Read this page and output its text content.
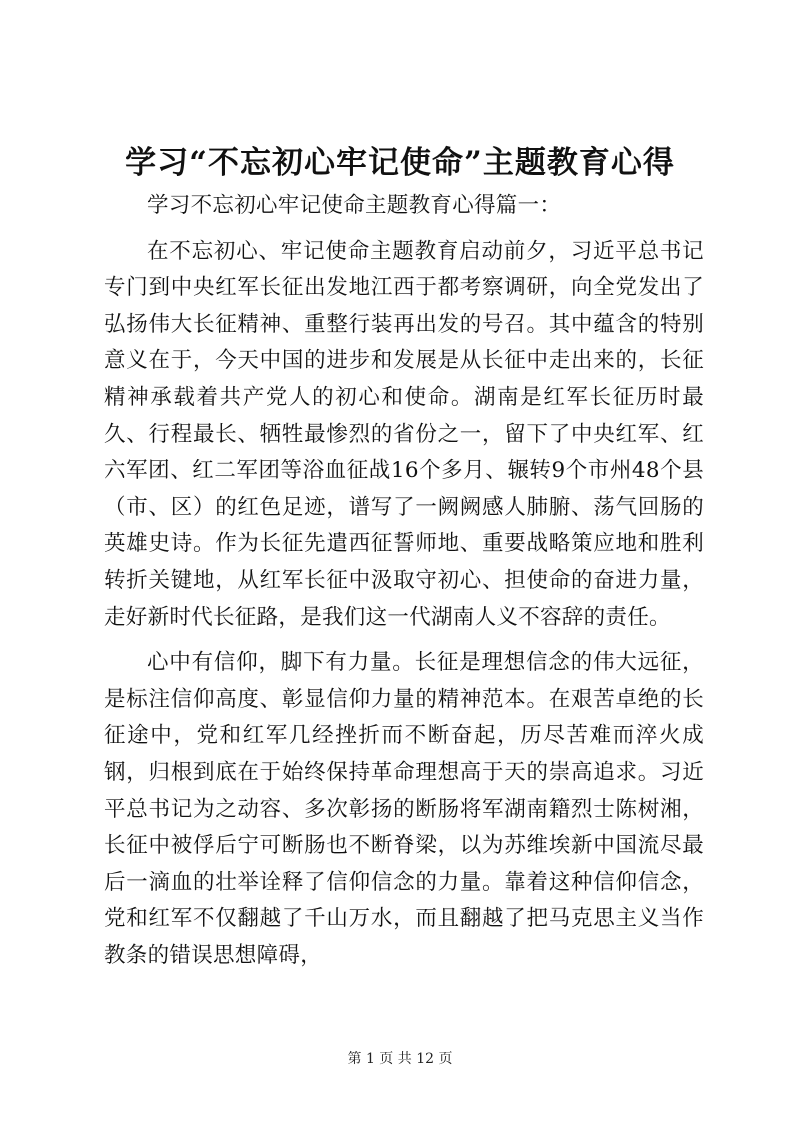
学习“不忘初心牢记使命”主题教育心得

学习不忘初心牢记使命主题教育心得篇一：

在不忘初心、牢记使命主题教育启动前夕，习近平总书记专门到中央红军长征出发地江西于都考察调研，向全党发出了弘扬伟大长征精神、重整行装再出发的号召。其中蕴含的特别意义在于，今天中国的进步和发展是从长征中走出来的，长征精神承载着共产党人的初心和使命。湖南是红军长征历时最久、行程最长、牺牲最惨烈的省份之一，留下了中央红军、红六军团、红二军团等浴血征战16个多月、辗转9个市州48个县（市、区）的红色足迹，谱写了一阙阙感人肺腑、荡气回肠的英雄史诗。作为长征先遣西征誓师地、重要战略策应地和胜利转折关键地，从红军长征中汲取守初心、担使命的奋进力量，走好新时代长征路，是我们这一代湖南人义不容辞的责任。

心中有信仰，脚下有力量。长征是理想信念的伟大远征，是标注信仰高度、彰显信仰力量的精神范本。在艰苦卓绝的长征途中，党和红军几经挫折而不断奋起，历尽苦难而淬火成钢，归根到底在于始终保持革命理想高于天的崇高追求。习近平总书记为之动容、多次彰扬的断肠将军湖南籍烈士陈树湘，长征中被俘后宁可断肠也不断脊梁，以为苏维埃新中国流尽最后一滴血的壮举诠释了信仰信念的力量。靠着这种信仰信念，党和红军不仅翻越了千山万水，而且翻越了把马克思主义当作教条的错误思想障碍，

第 1 页 共 12 页
